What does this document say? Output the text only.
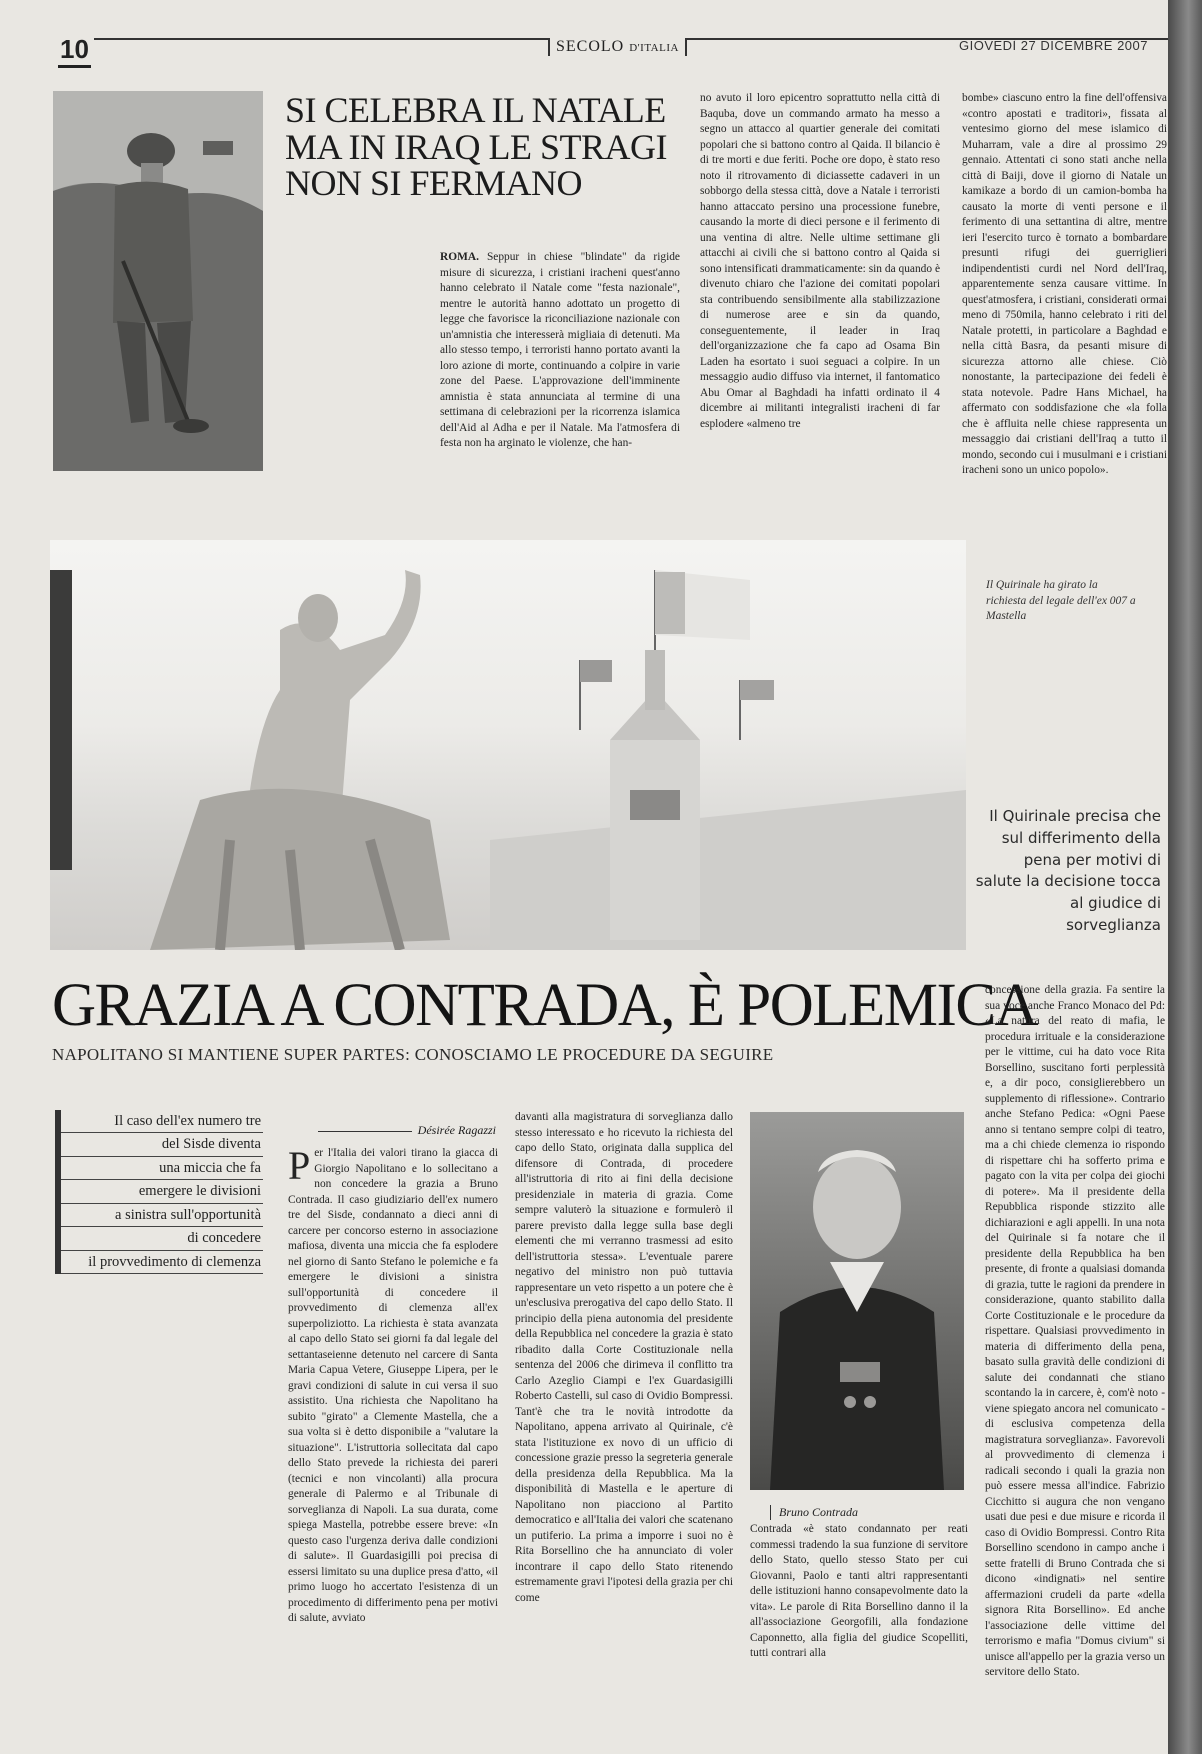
10	SECOLO D'ITALIA	GIOVEDÌ 27 DICEMBRE 2007
SI CELEBRA IL NATALE MA IN IRAQ LE STRAGI NON SI FERMANO
ROMA. Seppur in chiese "blindate" da rigide misure di sicurezza, i cristiani iracheni quest'anno hanno celebrato il Natale come "festa nazionale", mentre le autorità hanno adottato un progetto di legge che favorisce la riconciliazione nazionale con un'amnistia che interesserà migliaia di detenuti. Ma allo stesso tempo, i terroristi hanno portato avanti la loro azione di morte, continuando a colpire in varie zone del Paese. L'approvazione dell'imminente amnistia è stata annunciata al termine di una settimana di celebrazioni per la ricorrenza islamica dell'Aid al Adha e per il Natale. Ma l'atmosfera di festa non ha arginato le violenze, che han-
no avuto il loro epicentro soprattutto nella città di Baquba, dove un commando armato ha messo a segno un attacco al quartier generale dei comitati popolari che si battono contro al Qaida. Il bilancio è di tre morti e due feriti. Poche ore dopo, è stato reso noto il ritrovamento di diciassette cadaveri in un sobborgo della stessa città, dove a Natale i terroristi hanno attaccato persino una processione funebre, causando la morte di dieci persone e il ferimento di una ventina di altre. Nelle ultime settimane gli attacchi ai civili che si battono contro al Qaida si sono intensificati drammaticamente: sin da quando è divenuto chiaro che l'azione dei comitati popolari sta contribuendo sensibilmente alla stabilizzazione di numerose aree e sin da quando, conseguentemente, il leader in Iraq dell'organizzazione che fa capo ad Osama Bin Laden ha esortato i suoi seguaci a colpire. In un messaggio audio diffuso via internet, il fantomatico Abu Omar al Baghdadi ha infatti ordinato il 4 dicembre ai militanti integralisti iracheni di far esplodere «almeno tre
bombe» ciascuno entro la fine dell'offensiva «contro apostati e traditori», fissata al ventesimo giorno del mese islamico di Muharram, vale a dire al prossimo 29 gennaio. Attentati ci sono stati anche nella città di Baiji, dove il giorno di Natale un kamikaze a bordo di un camion-bomba ha causato la morte di venti persone e il ferimento di una settantina di altre, mentre ieri l'esercito turco è tornato a bombardare presunti rifugi dei guerriglieri indipendentisti curdi nel Nord dell'Iraq, apparentemente senza causare vittime. In quest'atmosfera, i cristiani, considerati ormai meno di 750mila, hanno celebrato i riti del Natale protetti, in particolare a Baghdad e nella città Basra, da pesanti misure di sicurezza attorno alle chiese. Ciò nonostante, la partecipazione dei fedeli è stata notevole. Padre Hans Michael, ha affermato con soddisfazione che «la folla che è affluita nelle chiese rappresenta un messaggio dai cristiani dell'Iraq a tutto il mondo, secondo cui i musulmani e i cristiani iracheni sono un unico popolo».
Il Quirinale ha girato la richiesta del legale dell'ex 007 a Mastella
Il Quirinale precisa che sul differimento della pena per motivi di salute la decisione tocca al giudice di sorveglianza
GRAZIA A CONTRADA, È POLEMICA
NAPOLITANO SI MANTIENE SUPER PARTES: CONOSCIAMO LE PROCEDURE DA SEGUIRE
Il caso dell'ex numero tre
del Sisde diventa
una miccia che fa
emergere le divisioni
a sinistra sull'opportunità
di concedere
il provvedimento di clemenza
Désirée Ragazzi
Per l'Italia dei valori tirano la giacca di Giorgio Napolitano e lo sollecitano a non concedere la grazia a Bruno Contrada. Il caso giudiziario dell'ex numero tre del Sisde, condannato a dieci anni di carcere per concorso esterno in associazione mafiosa, diventa una miccia che fa esplodere nel giorno di Santo Stefano le polemiche e fa emergere le divisioni a sinistra sull'opportunità di concedere il provvedimento di clemenza all'ex superpoliziotto. La richiesta è stata avanzata al capo dello Stato sei giorni fa dal legale del settantaseienne detenuto nel carcere di Santa Maria Capua Vetere, Giuseppe Lipera, per le gravi condizioni di salute in cui versa il suo assistito. Una richiesta che Napolitano ha subito "girato" a Clemente Mastella, che a sua volta si è detto disponibile a "valutare la situazione". L'istruttoria sollecitata dal capo dello Stato prevede la richiesta dei pareri (tecnici e non vincolanti) alla procura generale di Palermo e al Tribunale di sorveglianza di Napoli. La sua durata, come spiega Mastella, potrebbe essere breve: «In questo caso l'urgenza deriva dalle condizioni di salute». Il Guardasigilli poi precisa di essersi limitato su una duplice presa d'atto, «il primo luogo ho accertato l'esistenza di un procedimento di differimento pena per motivi di salute, avviato
davanti alla magistratura di sorveglianza dallo stesso interessato e ho ricevuto la richiesta del capo dello Stato, originata dalla supplica del difensore di Contrada, di procedere all'istruttoria di rito ai fini della decisione presidenziale in materia di grazia. Come sempre valuterò la situazione e formulerò il parere previsto dalla legge sulla base degli elementi che mi verranno trasmessi ad esito dell'istruttoria stessa». L'eventuale parere negativo del ministro non può tuttavia rappresentare un veto rispetto a un potere che è un'esclusiva prerogativa del capo dello Stato. Il principio della piena autonomia del presidente della Repubblica nel concedere la grazia è stato ribadito dalla Corte Costituzionale nella sentenza del 2006 che dirimeva il conflitto tra Carlo Azeglio Ciampi e l'ex Guardasigilli Roberto Castelli, sul caso di Ovidio Bompressi. Tant'è che tra le novità introdotte da Napolitano, appena arrivato al Quirinale, c'è stata l'istituzione ex novo di un ufficio di concessione grazie presso la segreteria generale della presidenza della Repubblica. Ma la disponibilità di Mastella e le aperture di Napolitano non piacciono al Partito democratico e all'Italia dei valori che scatenano un putiferio. La prima a imporre i suoi no è Rita Borsellino che ha annunciato di voler incontrare il capo dello Stato ritenendo estremamente gravi l'ipotesi della grazia per chi come
Contrada «è stato condannato per reati commessi tradendo la sua funzione di servitore dello Stato, quello stesso Stato per cui Giovanni, Paolo e tanti altri rappresentanti delle istituzioni hanno consapevolmente dato la vita». Le parole di Rita Borsellino danno il la all'associazione Georgofili, alla fondazione Caponnetto, alla figlia del giudice Scopelliti, tutti contrari alla
concessione della grazia. Fa sentire la sua voce anche Franco Monaco del Pd: «La natura del reato di mafia, le procedura irrituale e la considerazione per le vittime, cui ha dato voce Rita Borsellino, suscitano forti perplessità e, a dir poco, consiglierebbero un supplemento di riflessione». Contrario anche Stefano Pedica: «Ogni Paese anno si tentano sempre colpi di teatro, ma a chi chiede clemenza io rispondo di rispettare chi ha sofferto prima e pagato con la vita per colpa dei giochi di potere». Ma il presidente della Repubblica risponde stizzito alle dichiarazioni e agli appelli. In una nota del Quirinale si fa notare che il presidente della Repubblica ha ben presente, di fronte a qualsiasi domanda di grazia, tutte le ragioni da prendere in considerazione, quanto stabilito dalla Corte Costituzionale e le procedure da rispettare. Qualsiasi provvedimento in materia di differimento della pena, basato sulla gravità delle condizioni di salute dei condannati che stiano scontando la in carcere, è, com'è noto - viene spiegato ancora nel comunicato - di esclusiva competenza della magistratura sorveglianza». Favorevoli al provvedimento di clemenza i radicali secondo i quali la grazia non può essere messa all'indice. Fabrizio Cicchitto si augura che non vengano usati due pesi e due misure e ricorda il caso di Ovidio Bompressi. Contro Rita Borsellino scendono in campo anche i sette fratelli di Bruno Contrada che si dicono «indignati» nel sentire affermazioni crudeli da parte «della signora Rita Borsellino». Ed anche l'associazione delle vittime del terrorismo e mafia "Domus civium" si unisce all'appello per la grazia verso un servitore dello Stato.
Bruno Contrada
